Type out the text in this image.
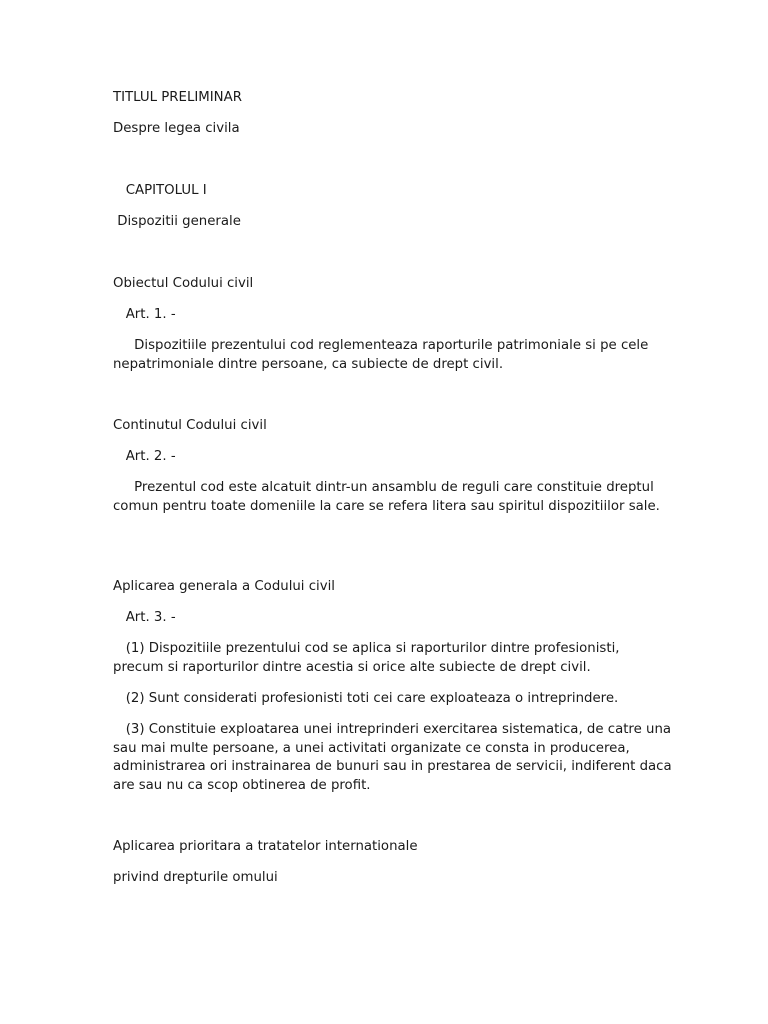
TITLUL PRELIMINAR

Despre legea civila

CAPITOLUL I

Dispozitii generale

Obiectul Codului civil

Art. 1. -

Dispozitiile prezentului cod reglementeaza raporturile patrimoniale si pe cele nepatrimoniale dintre persoane, ca subiecte de drept civil.

Continutul Codului civil

Art. 2. -

Prezentul cod este alcatuit dintr-un ansamblu de reguli care constituie dreptul comun pentru toate domeniile la care se refera litera sau spiritul dispozitiilor sale.

Aplicarea generala a Codului civil

Art. 3. -

(1) Dispozitiile prezentului cod se aplica si raporturilor dintre profesionisti, precum si raporturilor dintre acestia si orice alte subiecte de drept civil.

(2) Sunt considerati profesionisti toti cei care exploateaza o intreprindere.

(3) Constituie exploatarea unei intreprinderi exercitarea sistematica, de catre una sau mai multe persoane, a unei activitati organizate ce consta in producerea, administrarea ori instrainarea de bunuri sau in prestarea de servicii, indiferent daca are sau nu ca scop obtinerea de profit.

Aplicarea prioritara a tratatelor internationale

privind drepturile omului
